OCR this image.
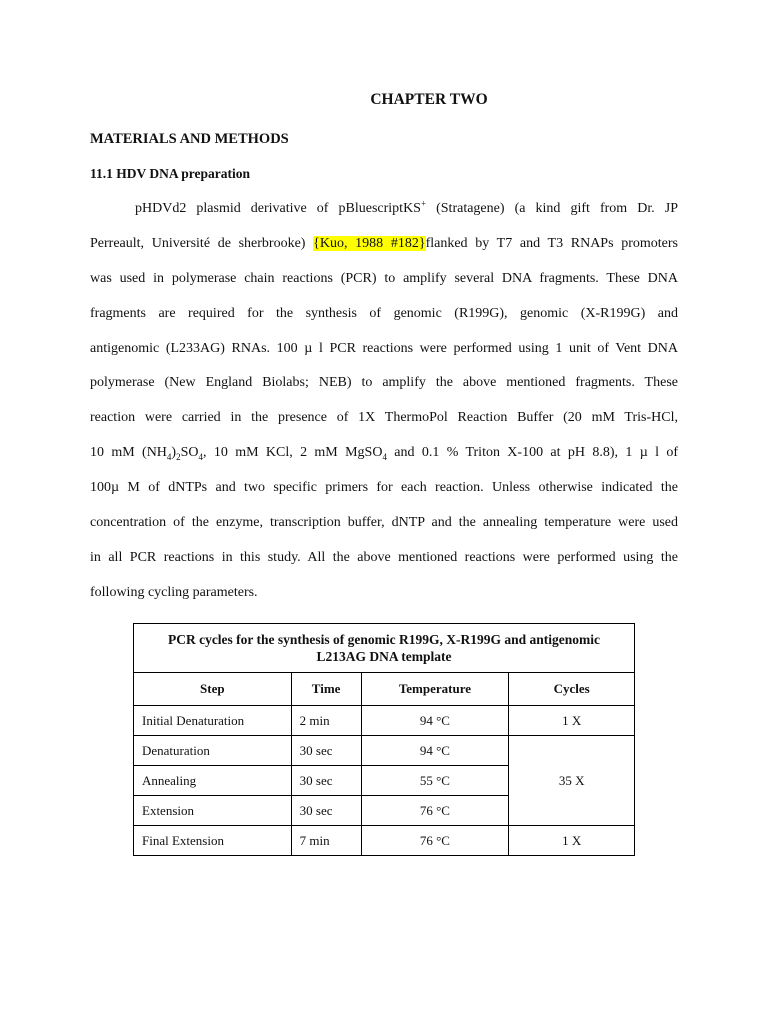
CHAPTER TWO
MATERIALS AND METHODS
11.1 HDV DNA preparation
pHDVd2 plasmid derivative of pBluescriptKS+ (Stratagene) (a kind gift from Dr. JP
Perreault, Université de sherbrooke) {Kuo, 1988 #182}flanked by T7 and T3 RNAPs promoters
was used in polymerase chain reactions (PCR) to amplify several DNA fragments. These DNA
fragments are required for the synthesis of genomic (R199G), genomic (X-R199G) and
antigenomic (L233AG) RNAs. 100 µ l PCR reactions were performed using 1 unit of Vent DNA
polymerase (New England Biolabs; NEB) to amplify the above mentioned fragments. These
reaction were carried in the presence of 1X ThermoPol Reaction Buffer (20 mM Tris-HCl,
10 mM $(NH_4)_2SO_4$, 10 mM KCl, 2 mM MgSO$_4$ and 0.1 % Triton X-100 at pH 8.8), 1 µ l of
100µ M of dNTPs and two specific primers for each reaction. Unless otherwise indicated the
concentration of the enzyme, transcription buffer, dNTP and the annealing temperature were used
in all PCR reactions in this study. All the above mentioned reactions were performed using the
following cycling parameters.
PCR cycles for the synthesis of genomic R199G, X-R199G and antigenomic
L213AG DNA template			
Step	Time	Temperature	Cycles
Initial Denaturation	2 min	94 °C	1 X
Denaturation	30 sec	94 °C	35 X
Annealing	30 sec	55 °C	
Extension	30 sec	76 °C	
Final Extension	7 min	76 °C	1 X
